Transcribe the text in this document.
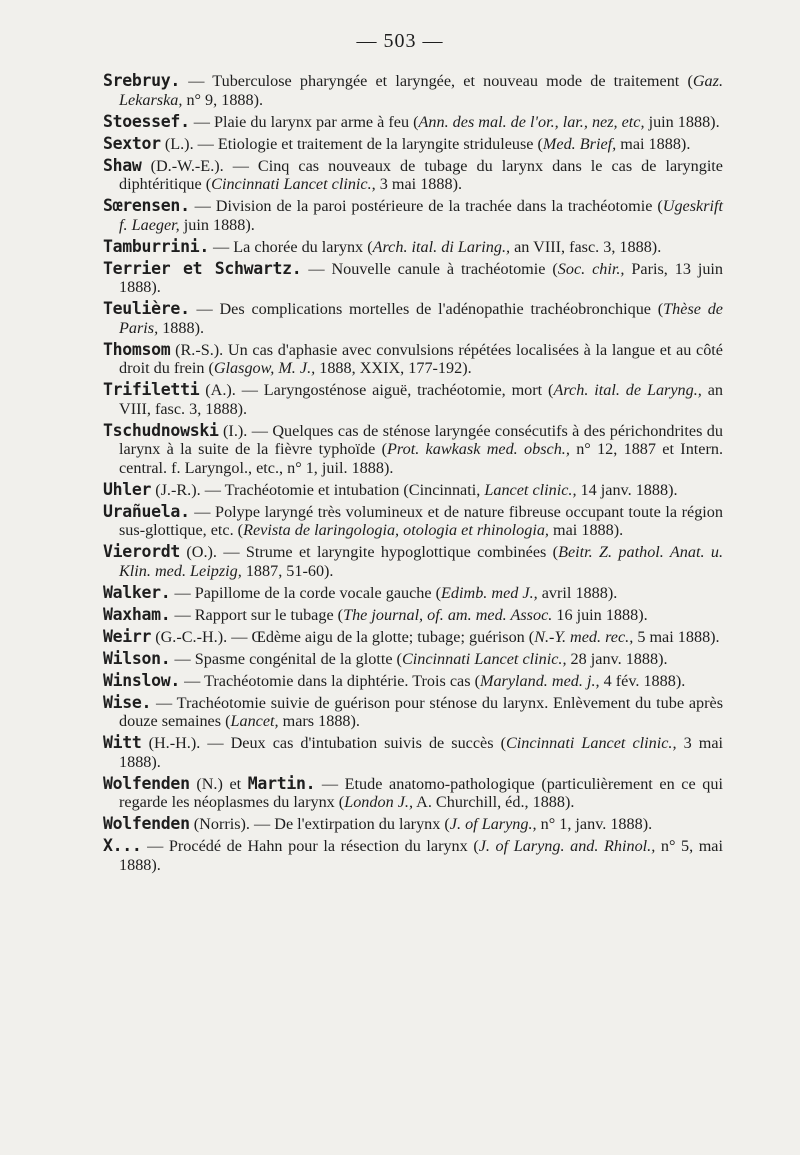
— 503 —
Srebruy. — Tuberculose pharyngée et laryngée, et nouveau mode de traitement (Gaz. Lekarska, n° 9, 1888).
Stoessef. — Plaie du larynx par arme à feu (Ann. des mal. de l'or., lar., nez, etc, juin 1888).
Sextor (L.). — Etiologie et traitement de la laryngite striduleuse (Med. Brief, mai 1888).
Shaw (D.-W.-E.). — Cinq cas nouveaux de tubage du larynx dans le cas de laryngite diphtéritique (Cincinnati Lancet clinic., 3 mai 1888).
Sœrensen. — Division de la paroi postérieure de la trachée dans la trachéotomie (Ugeskrift f. Laeger, juin 1888).
Tamburrini. — La chorée du larynx (Arch. ital. di Laring., an VIII, fasc. 3, 1888).
Terrier et Schwartz. — Nouvelle canule à trachéotomie (Soc. chir., Paris, 13 juin 1888).
Teulière. — Des complications mortelles de l'adénopathie trachéobronchique (Thèse de Paris, 1888).
Thomsom (R.-S.). Un cas d'aphasie avec convulsions répétées localisées à la langue et au côté droit du frein (Glasgow, M. J., 1888, XXIX, 177-192).
Trifiletti (A.). — Laryngosténose aiguë, trachéotomie, mort (Arch. ital. de Laryng., an VIII, fasc. 3, 1888).
Tschudnowski (I.). — Quelques cas de sténose laryngée consécutifs à des périchondrites du larynx à la suite de la fièvre typhoïde (Prot. kawkask med. obsch., n° 12, 1887 et Intern. central. f. Laryngol., etc., n° 1, juil. 1888).
Uhler (J.-R.). — Trachéotomie et intubation (Cincinnati, Lancet clinic., 14 janv. 1888).
Urañuela. — Polype laryngé très volumineux et de nature fibreuse occupant toute la région sus-glottique, etc. (Revista de laringologia, otologia et rhinologia, mai 1888).
Vierordt (O.). — Strume et laryngite hypoglottique combinées (Beitr. Z. pathol. Anat. u. Klin. med. Leipzig, 1887, 51-60).
Walker. — Papillome de la corde vocale gauche (Edimb. med J., avril 1888).
Waxham. — Rapport sur le tubage (The journal, of. am. med. Assoc. 16 juin 1888).
Weirr (G.-C.-H.). — Œdème aigu de la glotte; tubage; guérison (N.-Y. med. rec., 5 mai 1888).
Wilson. — Spasme congénital de la glotte (Cincinnati Lancet clinic., 28 janv. 1888).
Winslow. — Trachéotomie dans la diphtérie. Trois cas (Maryland. med. j., 4 fév. 1888).
Wise. — Trachéotomie suivie de guérison pour sténose du larynx. Enlèvement du tube après douze semaines (Lancet, mars 1888).
Witt (H.-H.). — Deux cas d'intubation suivis de succès (Cincinnati Lancet clinic., 3 mai 1888).
Wolfenden (N.) et Martin. — Etude anatomo-pathologique (particulièrement en ce qui regarde les néoplasmes du larynx (London J., A. Churchill, éd., 1888).
Wolfenden (Norris). — De l'extirpation du larynx (J. of Laryng., n° 1, janv. 1888).
X... — Procédé de Hahn pour la résection du larynx (J. of Laryng. and. Rhinol., n° 5, mai 1888).
